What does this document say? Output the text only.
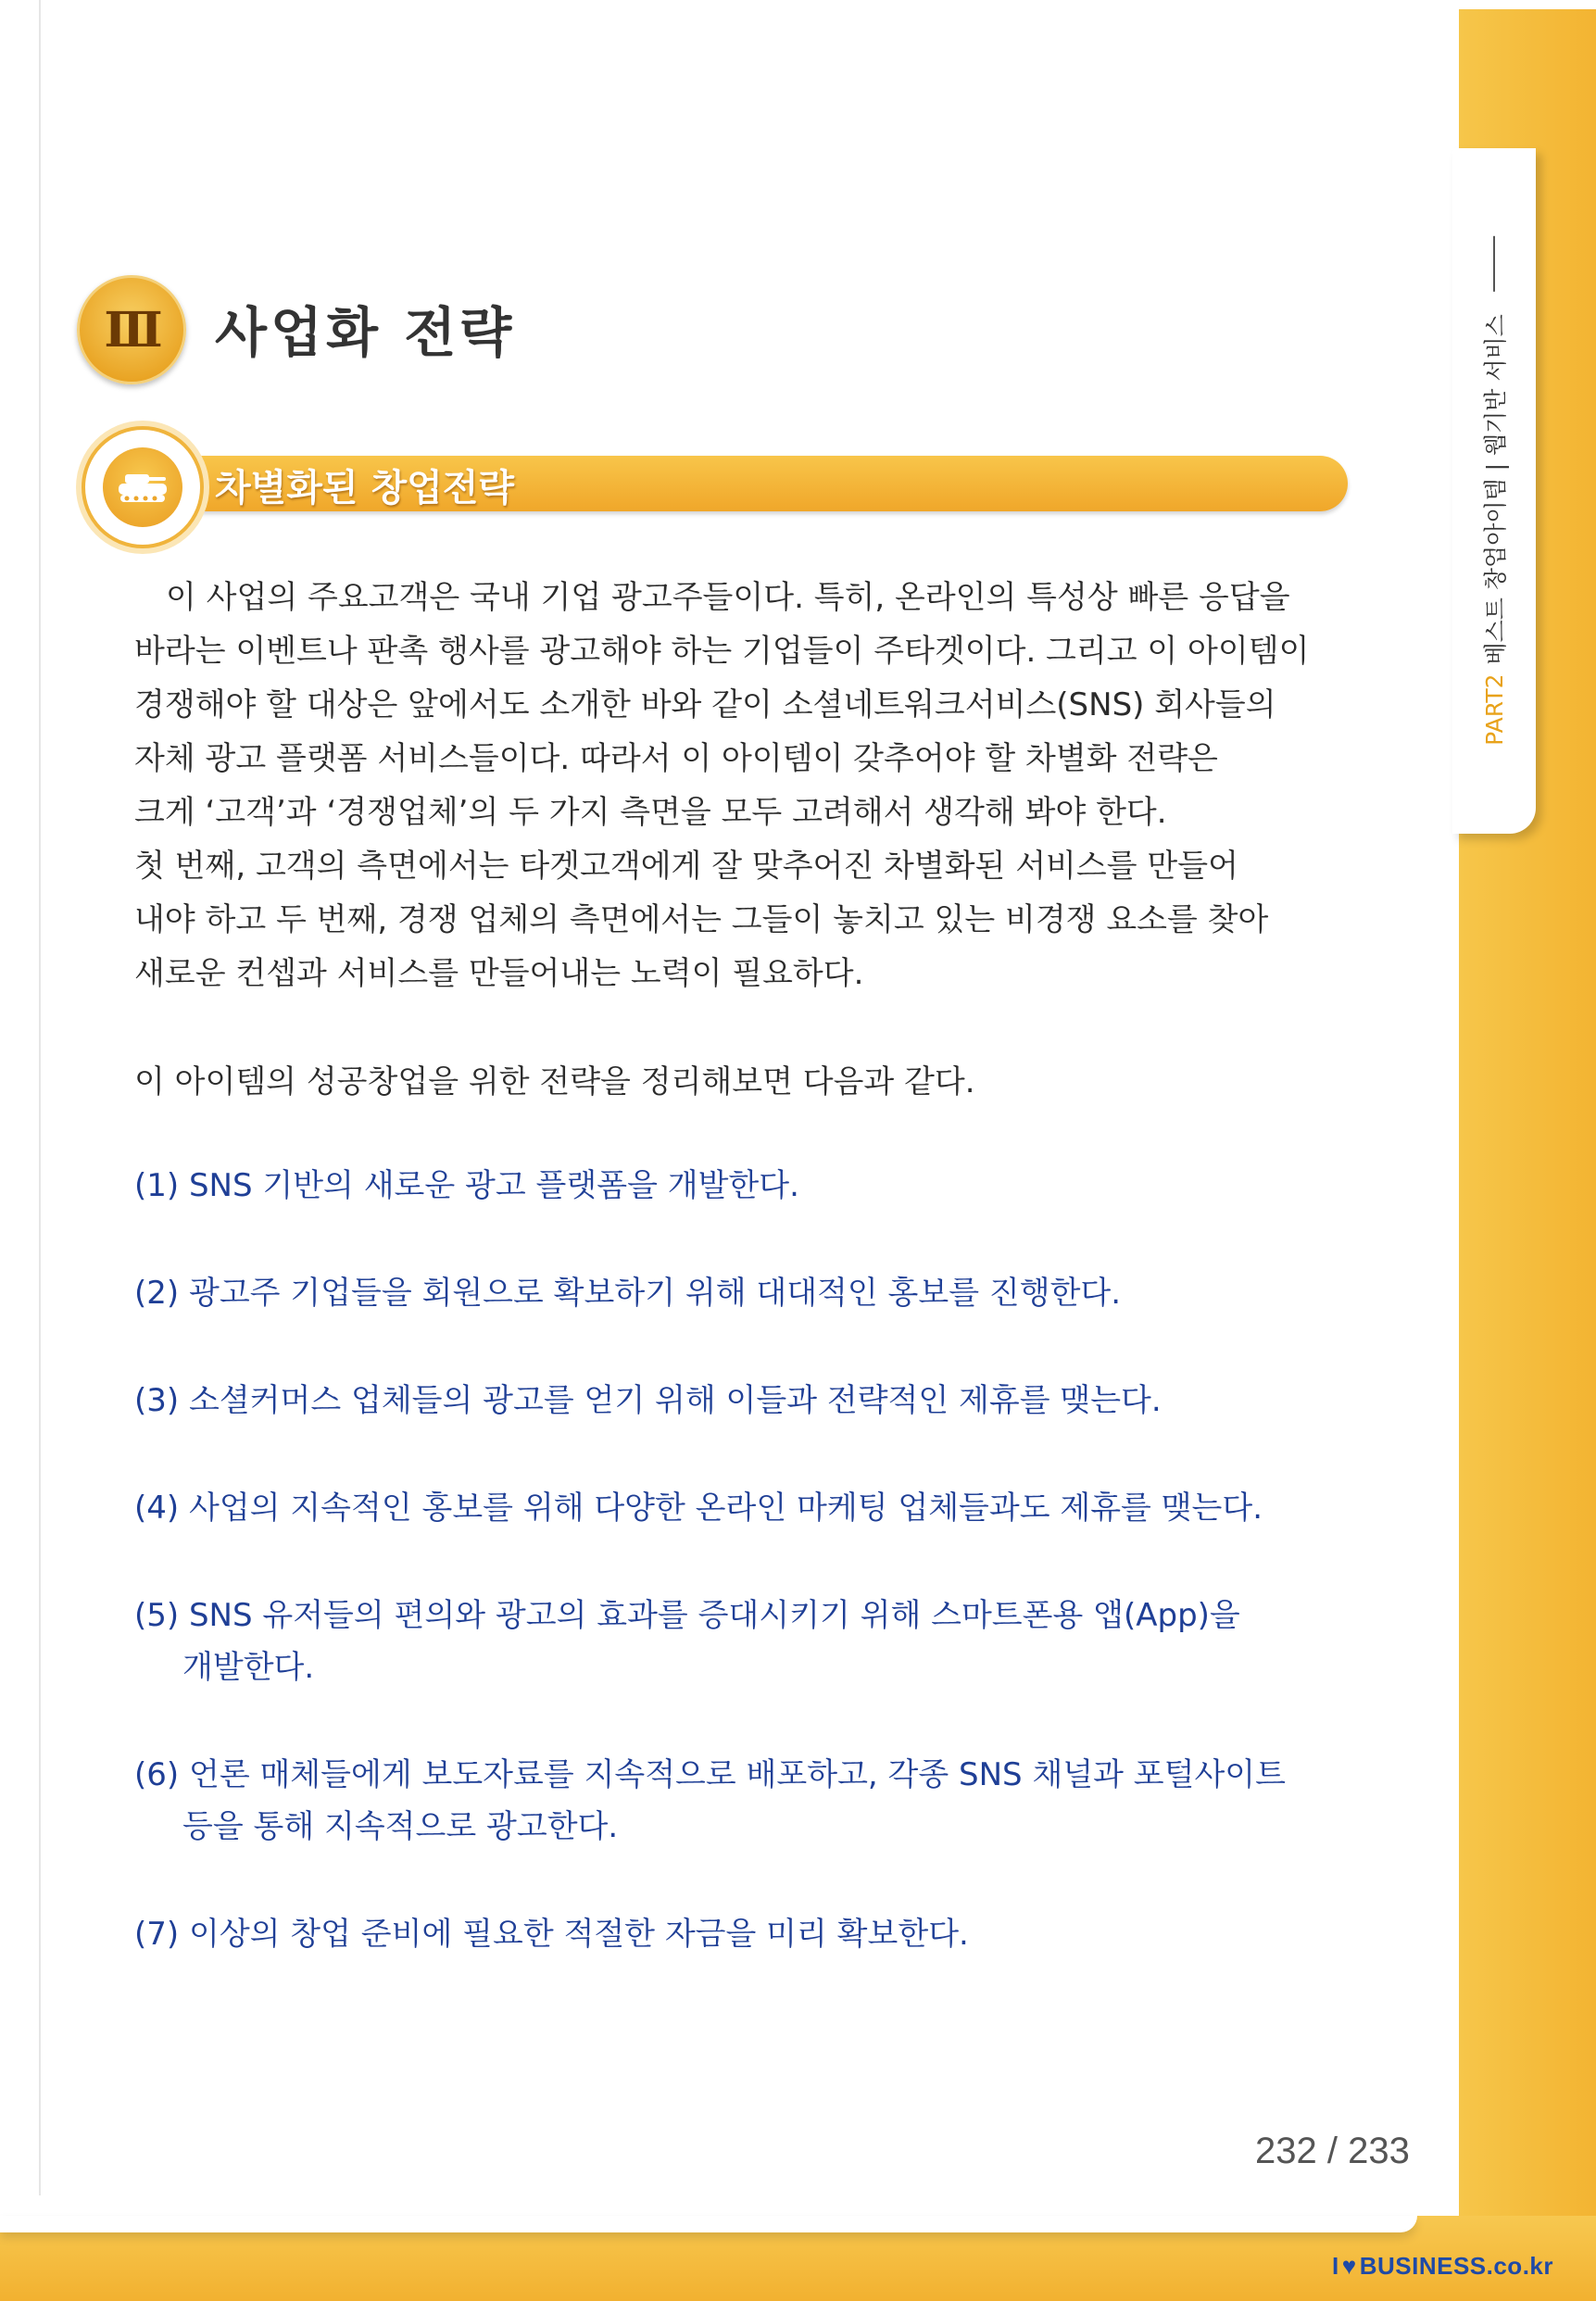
PART2
베스트 창업아이템 | 웹기반 서비스
Ⅲ 사업화 전략
차별화된 창업전략

이 사업의 주요고객은 국내 기업 광고주들이다. 특히, 온라인의 특성상 빠른 응답을
바라는 이벤트나 판촉 행사를 광고해야 하는 기업들이 주타겟이다. 그리고 이 아이템이
경쟁해야 할 대상은 앞에서도 소개한 바와 같이 소셜네트워크서비스(SNS) 회사들의
자체 광고 플랫폼 서비스들이다. 따라서 이 아이템이 갖추어야 할 차별화 전략은
크게 ‘고객’과 ‘경쟁업체’의 두 가지 측면을 모두 고려해서 생각해 봐야 한다.
첫 번째, 고객의 측면에서는 타겟고객에게 잘 맞추어진 차별화된 서비스를 만들어
내야 하고 두 번째, 경쟁 업체의 측면에서는 그들이 놓치고 있는 비경쟁 요소를 찾아
새로운 컨셉과 서비스를 만들어내는 노력이 필요하다.

이 아이템의 성공창업을 위한 전략을 정리해보면 다음과 같다.

(1) SNS 기반의 새로운 광고 플랫폼을 개발한다.

(2) 광고주 기업들을 회원으로 확보하기 위해 대대적인 홍보를 진행한다.

(3) 소셜커머스 업체들의 광고를 얻기 위해 이들과 전략적인 제휴를 맺는다.

(4) 사업의 지속적인 홍보를 위해 다양한 온라인 마케팅 업체들과도 제휴를 맺는다.

(5) SNS 유저들의 편의와 광고의 효과를 증대시키기 위해 스마트폰용 앱(App)을
개발한다.

(6) 언론 매체들에게 보도자료를 지속적으로 배포하고, 각종 SNS 채널과 포털사이트
등을 통해 지속적으로 광고한다.

(7) 이상의 창업 준비에 필요한 적절한 자금을 미리 확보한다.

232 / 233
I ♥ BUSINESS.co.kr
